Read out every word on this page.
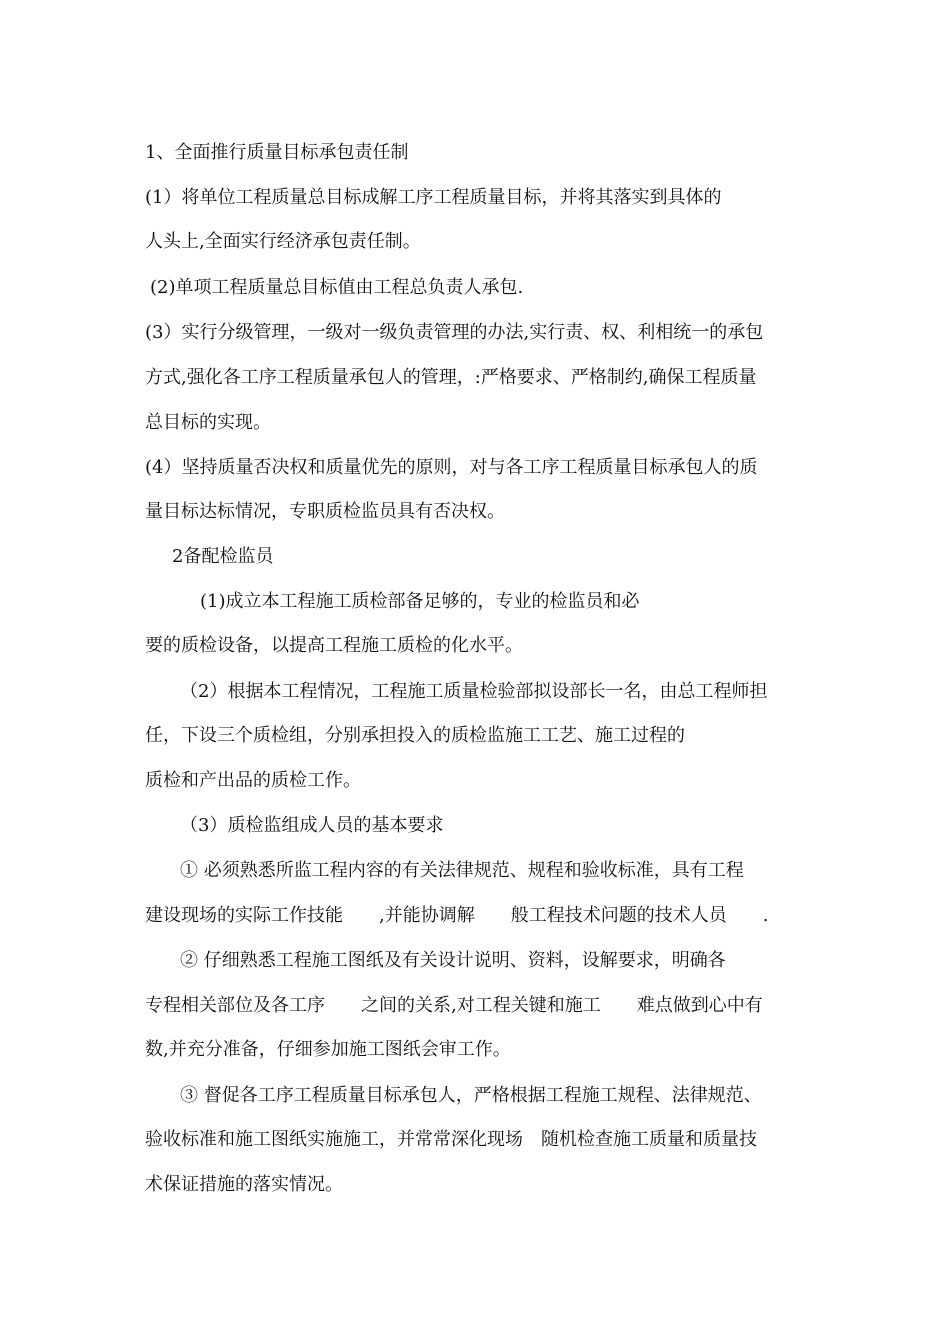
1、全面推行质量目标承包责任制
(1）将单位工程质量总目标成解工序工程质量目标，并将其落实到具体的
人头上,全面实行经济承包责任制。
(2)单项工程质量总目标值由工程总负责人承包.
(3）实行分级管理，一级对一级负责管理的办法,实行责、权、利相统一的承包
方式,强化各工序工程质量承包人的管理，:严格要求、严格制约,确保工程质量
总目标的实现。
(4）坚持质量否决权和质量优先的原则，对与各工序工程质量目标承包人的质
量目标达标情况，专职质检监员具有否决权。
2备配检监员
(1)成立本工程施工质检部备足够的，专业的检监员和必
要的质检设备，以提高工程施工质检的化水平。
（2）根据本工程情况，工程施工质量检验部拟设部长一名，由总工程师担
任，下设三个质检组，分别承担投入的质检监施工工艺、施工过程的
质检和产出品的质检工作。
（3）质检监组成人员的基本要求
① 必须熟悉所监工程内容的有关法律规范、规程和验收标准，具有工程
建设现场的实际工作技能　　,并能协调解　　般工程技术问题的技术人员　　.
② 仔细熟悉工程施工图纸及有关设计说明、资料，设解要求，明确各
专程相关部位及各工序　　之间的关系,对工程关键和施工　　难点做到心中有
数,并充分准备，仔细参加施工图纸会审工作。
③ 督促各工序工程质量目标承包人，严格根据工程施工规程、法律规范、
验收标准和施工图纸实施施工，并常常深化现场　随机检查施工质量和质量技
术保证措施的落实情况。
